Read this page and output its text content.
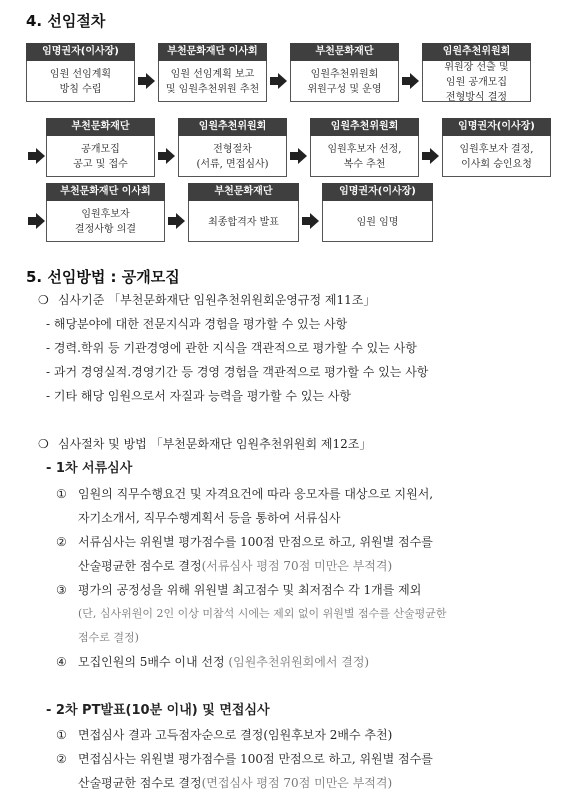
4. 선임절차
임명권자(이사장)
임원 선임계획
방침 수립
부천문화재단 이사회
임원 선임계획 보고
및 임원추천위원 추천
부천문화재단
임원추천위원회
위원구성 및 운영
임원추천위원회
위원장 선출 및
임원 공개모집
전형방식 결정
부천문화재단
공개모집
공고 및 접수
임원추천위원회
전형절차
(서류, 면접심사)
임원추천위원회
임원후보자 선정,
복수 추천
임명권자(이사장)
임원후보자 결정,
이사회 승인요청
부천문화재단 이사회
임원후보자
결정사항 의결
부천문화재단
최종합격자 발표
임명권자(이사장)
임원 임명
5. 선임방법 : 공개모집
❍ 심사기준 「부천문화재단 임원추천위원회운영규정 제11조」
- 해당분야에 대한 전문지식과 경험을 평가할 수 있는 사항
- 경력․학위 등 기관경영에 관한 지식을 객관적으로 평가할 수 있는 사항
- 과거 경영실적․경영기간 등 경영 경험을 객관적으로 평가할 수 있는 사항
- 기타 해당 임원으로서 자질과 능력을 평가할 수 있는 사항
❍ 심사절차 및 방법 「부천문화재단 임원추천위원회 제12조」
- 1차 서류심사
① 임원의 직무수행요건 및 자격요건에 따라 응모자를 대상으로 지원서,
자기소개서, 직무수행계획서 등을 통하여 서류심사
② 서류심사는 위원별 평가점수를 100점 만점으로 하고, 위원별 점수를
산술평균한 점수로 결정(서류심사 평점 70점 미만은 부적격)
③ 평가의 공정성을 위해 위원별 최고점수 및 최저점수 각 1개를 제외
(단, 심사위원이 2인 이상 미참석 시에는 제외 없이 위원별 점수를 산술평균한
점수로 결정)
④ 모집인원의 5배수 이내 선정 (임원추천위원회에서 결정)
- 2차 PT발표(10분 이내) 및 면접심사
① 면접심사 결과 고득점자순으로 결정(임원후보자 2배수 추천)
② 면접심사는 위원별 평가점수를 100점 만점으로 하고, 위원별 점수를
산술평균한 점수로 결정(면접심사 평점 70점 미만은 부적격)
